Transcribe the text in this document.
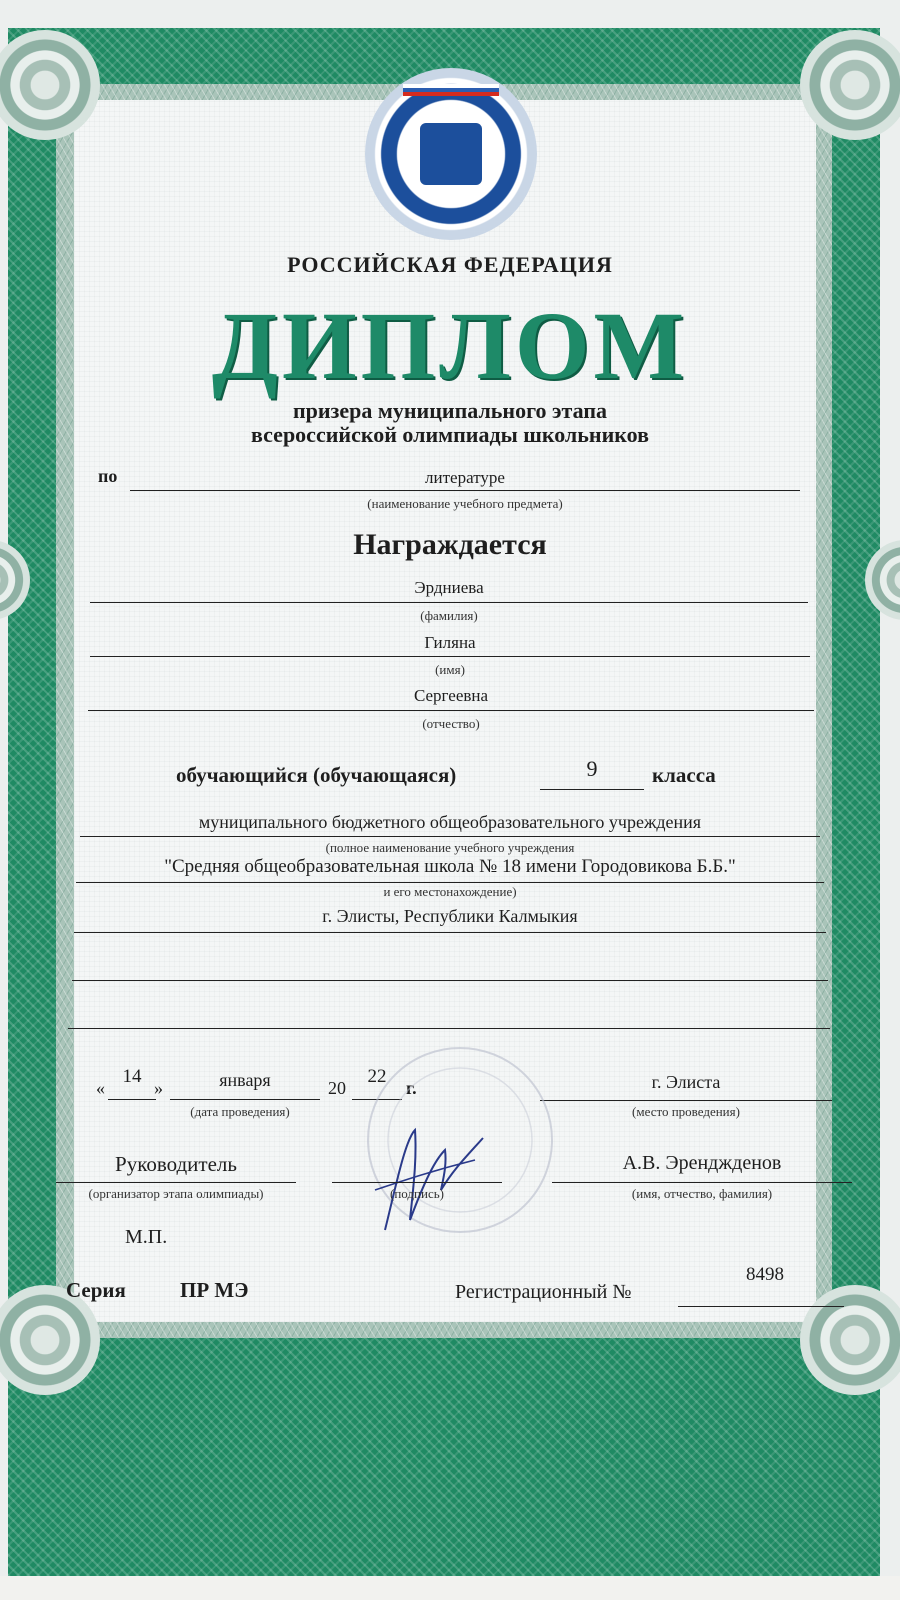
РОССИЙСКАЯ ФЕДЕРАЦИЯ
ДИПЛОМ
призера муниципального этапа
всероссийской олимпиады школьников
по	литературе
(наименование учебного предмета)
Награждается
Эрдниева
(фамилия)
Гиляна
(имя)
Сергеевна
(отчество)
обучающийся (обучающаяся)	9	класса
муниципального бюджетного общеобразовательного учреждения
(полное наименование учебного учреждения
"Средняя общеобразовательная школа № 18 имени Городовикова Б.Б."
и его местонахождение)
г. Элисты, Республики Калмыкия
«
14
»	января	20
22
г.
(дата проведения)
г. Элиста
(место проведения)
Руководитель
(организатор этапа олимпиады)	(подпись)
А.В. Эренджденов
(имя, отчество, фамилия)
М.П.
Серия	ПР МЭ	Регистрационный №
8498
